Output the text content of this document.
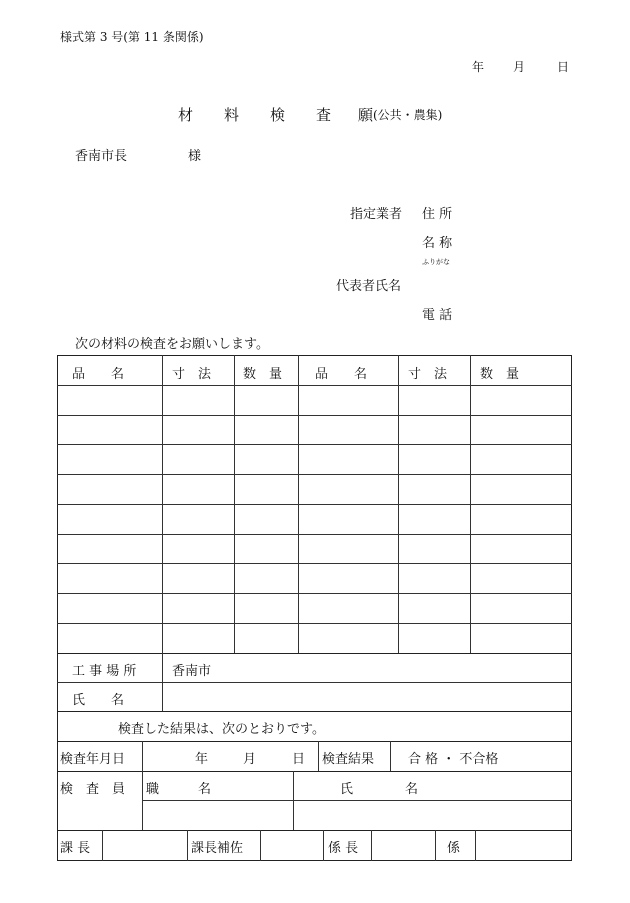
様式第 3 号(第 11 条関係)
年 月	日
材 料 検 査 願 (公共・農集)
香南市長	様
指定業者 住 所
名 称
ふりがな
代表者氏名
電 話
次の材料の検査をお願いします。
品　　名	寸　法 数　量	品　　名	寸　法	数　量
工 事 場 所	香南市
氏　　名
検査した結果は、次のとおりです。
検査年月日	年	月	日 検査結果	合 格 ・ 不合格
検　査　員 職　　　名	氏　　　　名
課 長	課長補佐	係 長	係
